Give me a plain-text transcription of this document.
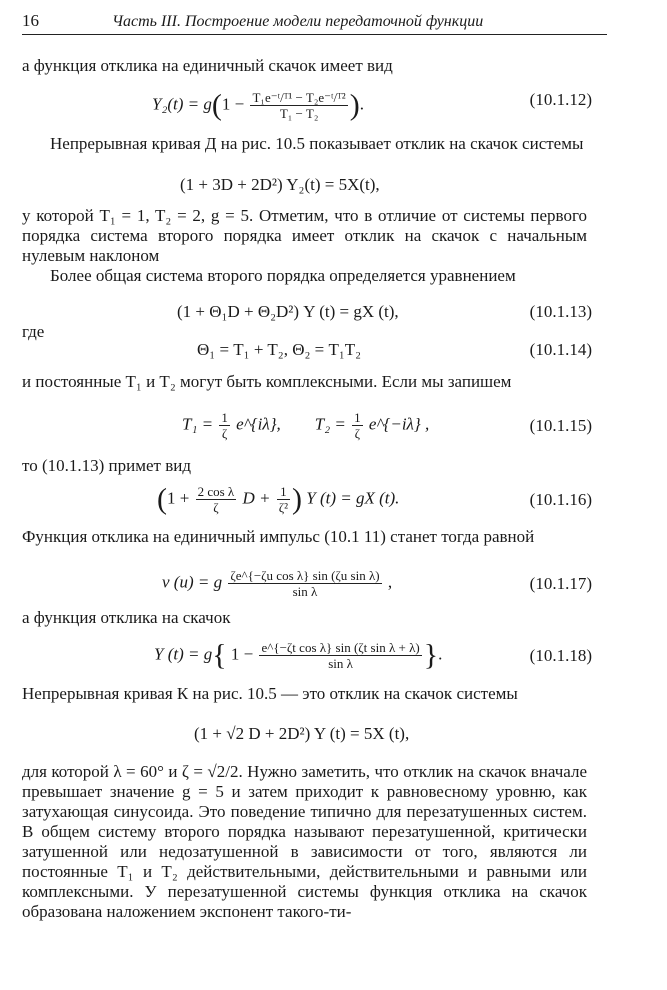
16	Часть III. Построение модели передаточной функции
а функция отклика на единичный скачок имеет вид
$Y_2(t) = g(1 - \frac{\text{T₁e⁻ᵗ/ᵀ¹ − T₂e⁻ᵗ/ᵀ²}}{\text{T₁ − T₂}}$ ).	(10.1.12)
Непрерывная кривая Д на рис. 10.5 показывает отклик на скачок системы
(1 + 3D + 2D²) Y₂(t) = 5X(t),
у которой T₁ = 1, T₂ = 2, g = 5. Отметим, что в отличие от системы первого порядка система второго порядка имеет отклик на скачок с начальным нулевым наклоном
Более общая система второго порядка определяется уравнением
(1 + Θ₁D + Θ₂D²) Y (t) = gX (t),	(10.1.13)
где
Θ₁ = T₁ + T₂, Θ₂ = T₁T₂	(10.1.14)
и постоянные T₁ и T₂ могут быть комплексными. Если мы запишем
$T_1 = \frac{1}{\zeta}$ e^{iλ}, $T_2 = \frac{1}{\zeta}$ e^{−iλ} ,	(10.1.15)
то (10.1.13) примет вид
($1 + \frac{\text{2 cos λ}}{\zeta}$ $D + \frac{1}{\text{ζ²}}$ ) Y (t) = gX (t).	(10.1.16)
Функция отклика на единичный импульс (10.1 11) станет тогда равной
v (u) = g $\frac{\text{ζe\textasciicircum{}\{−ζu cos λ\} sin (ζu sin λ)}}{\text{sin λ}}$ ,	(10.1.17)
а функция отклика на скачок
Y (t) = g{ $1 - \frac{\text{e\textasciicircum{}\{−ζt cos λ\} sin (ζt sin λ + λ)}}{\text{sin λ}}$ }.	(10.1.18)
Непрерывная кривая К на рис. 10.5 — это отклик на скачок системы
(1 + √2 D + 2D²) Y (t) = 5X (t),
для которой λ = 60° и ζ = √2/2. Нужно заметить, что отклик на скачок вначале превышает значение g = 5 и затем приходит к равновесному уровню, как затухающая синусоида. Это поведение типично для перезатушенных систем. В общем систему второго порядка называют перезатушенной, критически затушенной или недозатушенной в зависимости от того, являются ли постоянные T₁ и T₂ действительными, действительными и равными или комплексными. У перезатушенной системы функция отклика на скачок образована наложением экспонент такого-ти-
